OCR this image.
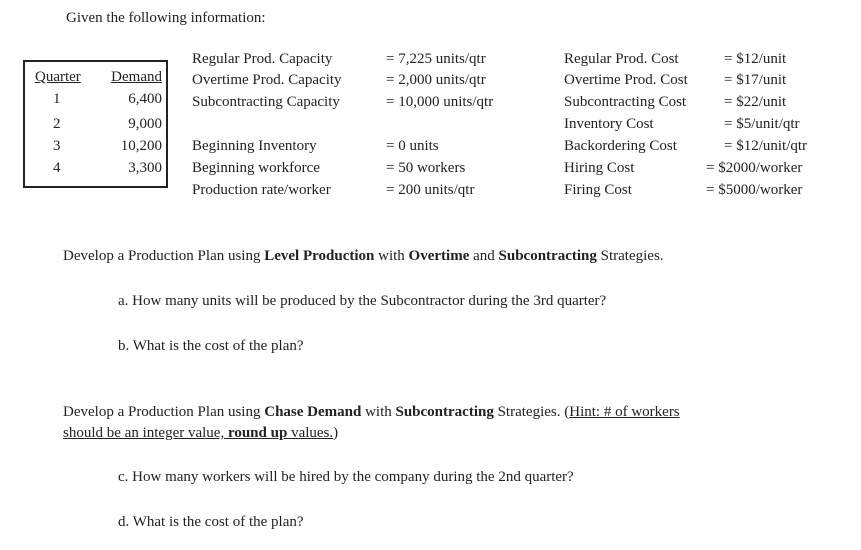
Given the following information:
Quarter Demand
1	6,400
2	9,000
3	10,200
4	3,300
Regular Prod. Capacity	= 7,225 units/qtr
Overtime Prod. Capacity	= 2,000 units/qtr
Subcontracting Capacity	= 10,000 units/qtr
Beginning Inventory	= 0 units
Beginning workforce	= 50 workers
Production rate/worker	= 200 units/qtr
Regular Prod. Cost	= $12/unit
Overtime Prod. Cost = $17/unit
Subcontracting Cost	= $22/unit
Inventory Cost	= $5/unit/qtr
Backordering Cost	= $12/unit/qtr
Hiring Cost	= $2000/worker
Firing Cost	= $5000/worker
Develop a Production Plan using Level Production with Overtime and Subcontracting Strategies.
a. How many units will be produced by the Subcontractor during the 3rd quarter?
b. What is the cost of the plan?
Develop a Production Plan using Chase Demand with Subcontracting Strategies. (Hint: # of workers
should be an integer value, round up values.)
c. How many workers will be hired by the company during the 2nd quarter?
d. What is the cost of the plan?
